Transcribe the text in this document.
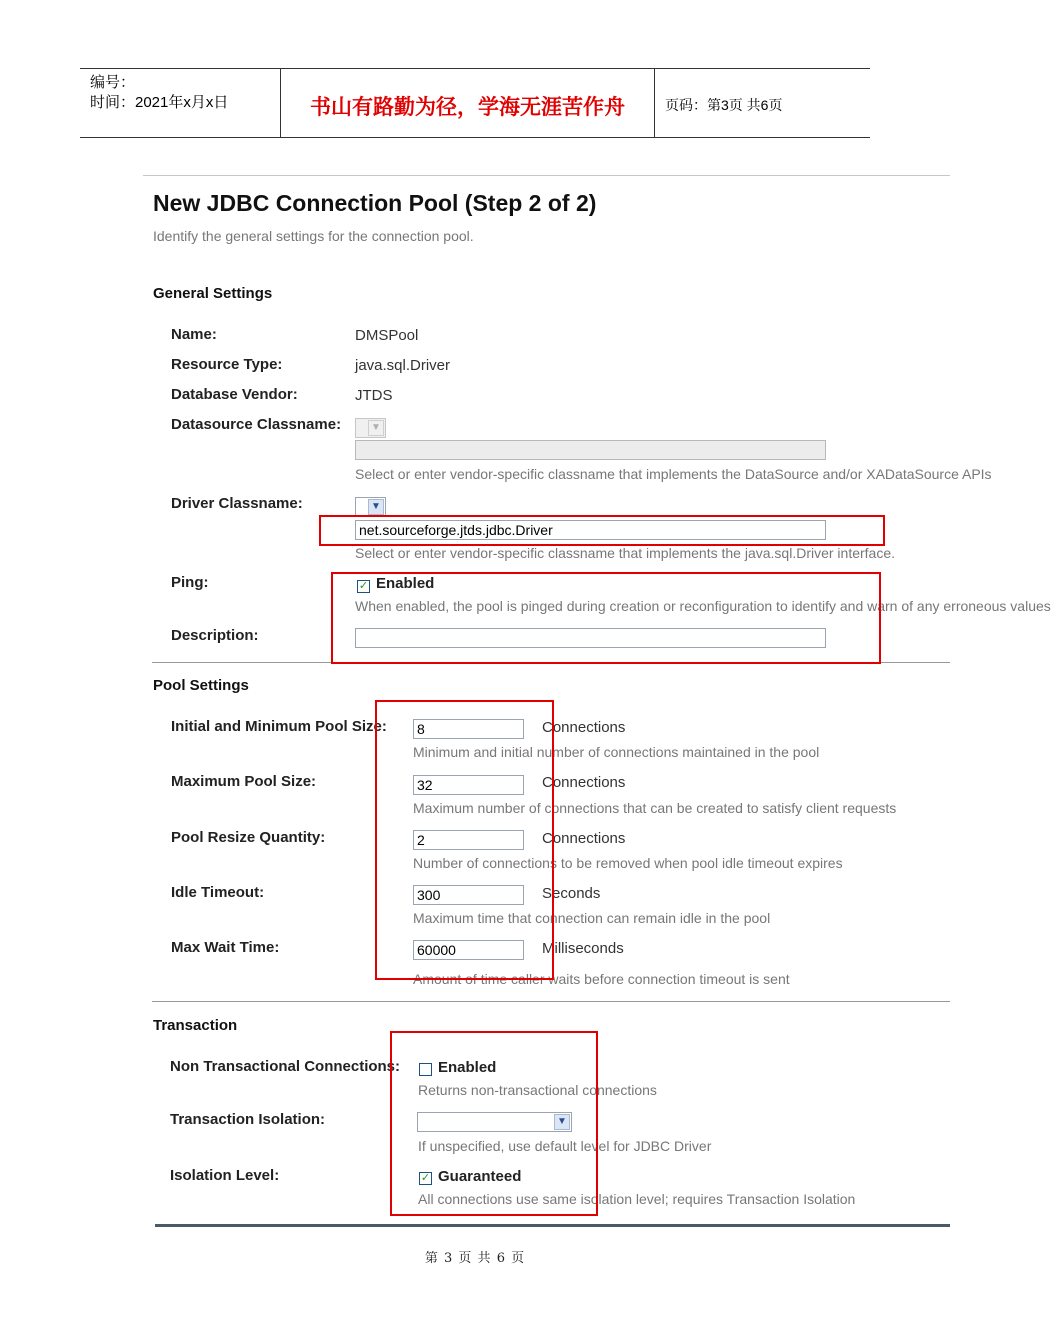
编号：
时间：2021年x月x日	书山有路勤为径，学海无涯苦作舟	页码：第3页 共6页
New JDBC Connection Pool (Step 2 of 2)
Identify the general settings for the connection pool.
General Settings
Name:	DMSPool
Resource Type:	java.sql.Driver
Database Vendor:	JTDS
Datasource Classname:	▼
Select or enter vendor-specific classname that implements the DataSource and/or XADataSource APIs
Driver Classname:	▼
net.sourceforge.jtds.jdbc.Driver
Select or enter vendor-specific classname that implements the java.sql.Driver interface.
Ping:	✓ Enabled
When enabled, the pool is pinged during creation or reconfiguration to identify and warn of any erroneous values
Description:
Pool Settings
Initial and Minimum Pool Size: 8	Connections
Minimum and initial number of connections maintained in the pool
Maximum Pool Size:	32	Connections
Maximum number of connections that can be created to satisfy client requests
Pool Resize Quantity:	2	Connections
Number of connections to be removed when pool idle timeout expires
Idle Timeout:	300	Seconds
Maximum time that connection can remain idle in the pool
Max Wait Time:	60000	Milliseconds
Amount of time caller waits before connection timeout is sent
Transaction
Non Transactional Connections:	Enabled
Returns non-transactional connections
Transaction Isolation:	▼
If unspecified, use default level for JDBC Driver
Isolation Level:	✓ Guaranteed
All connections use same isolation level; requires Transaction Isolation
第 3 页 共 6 页
